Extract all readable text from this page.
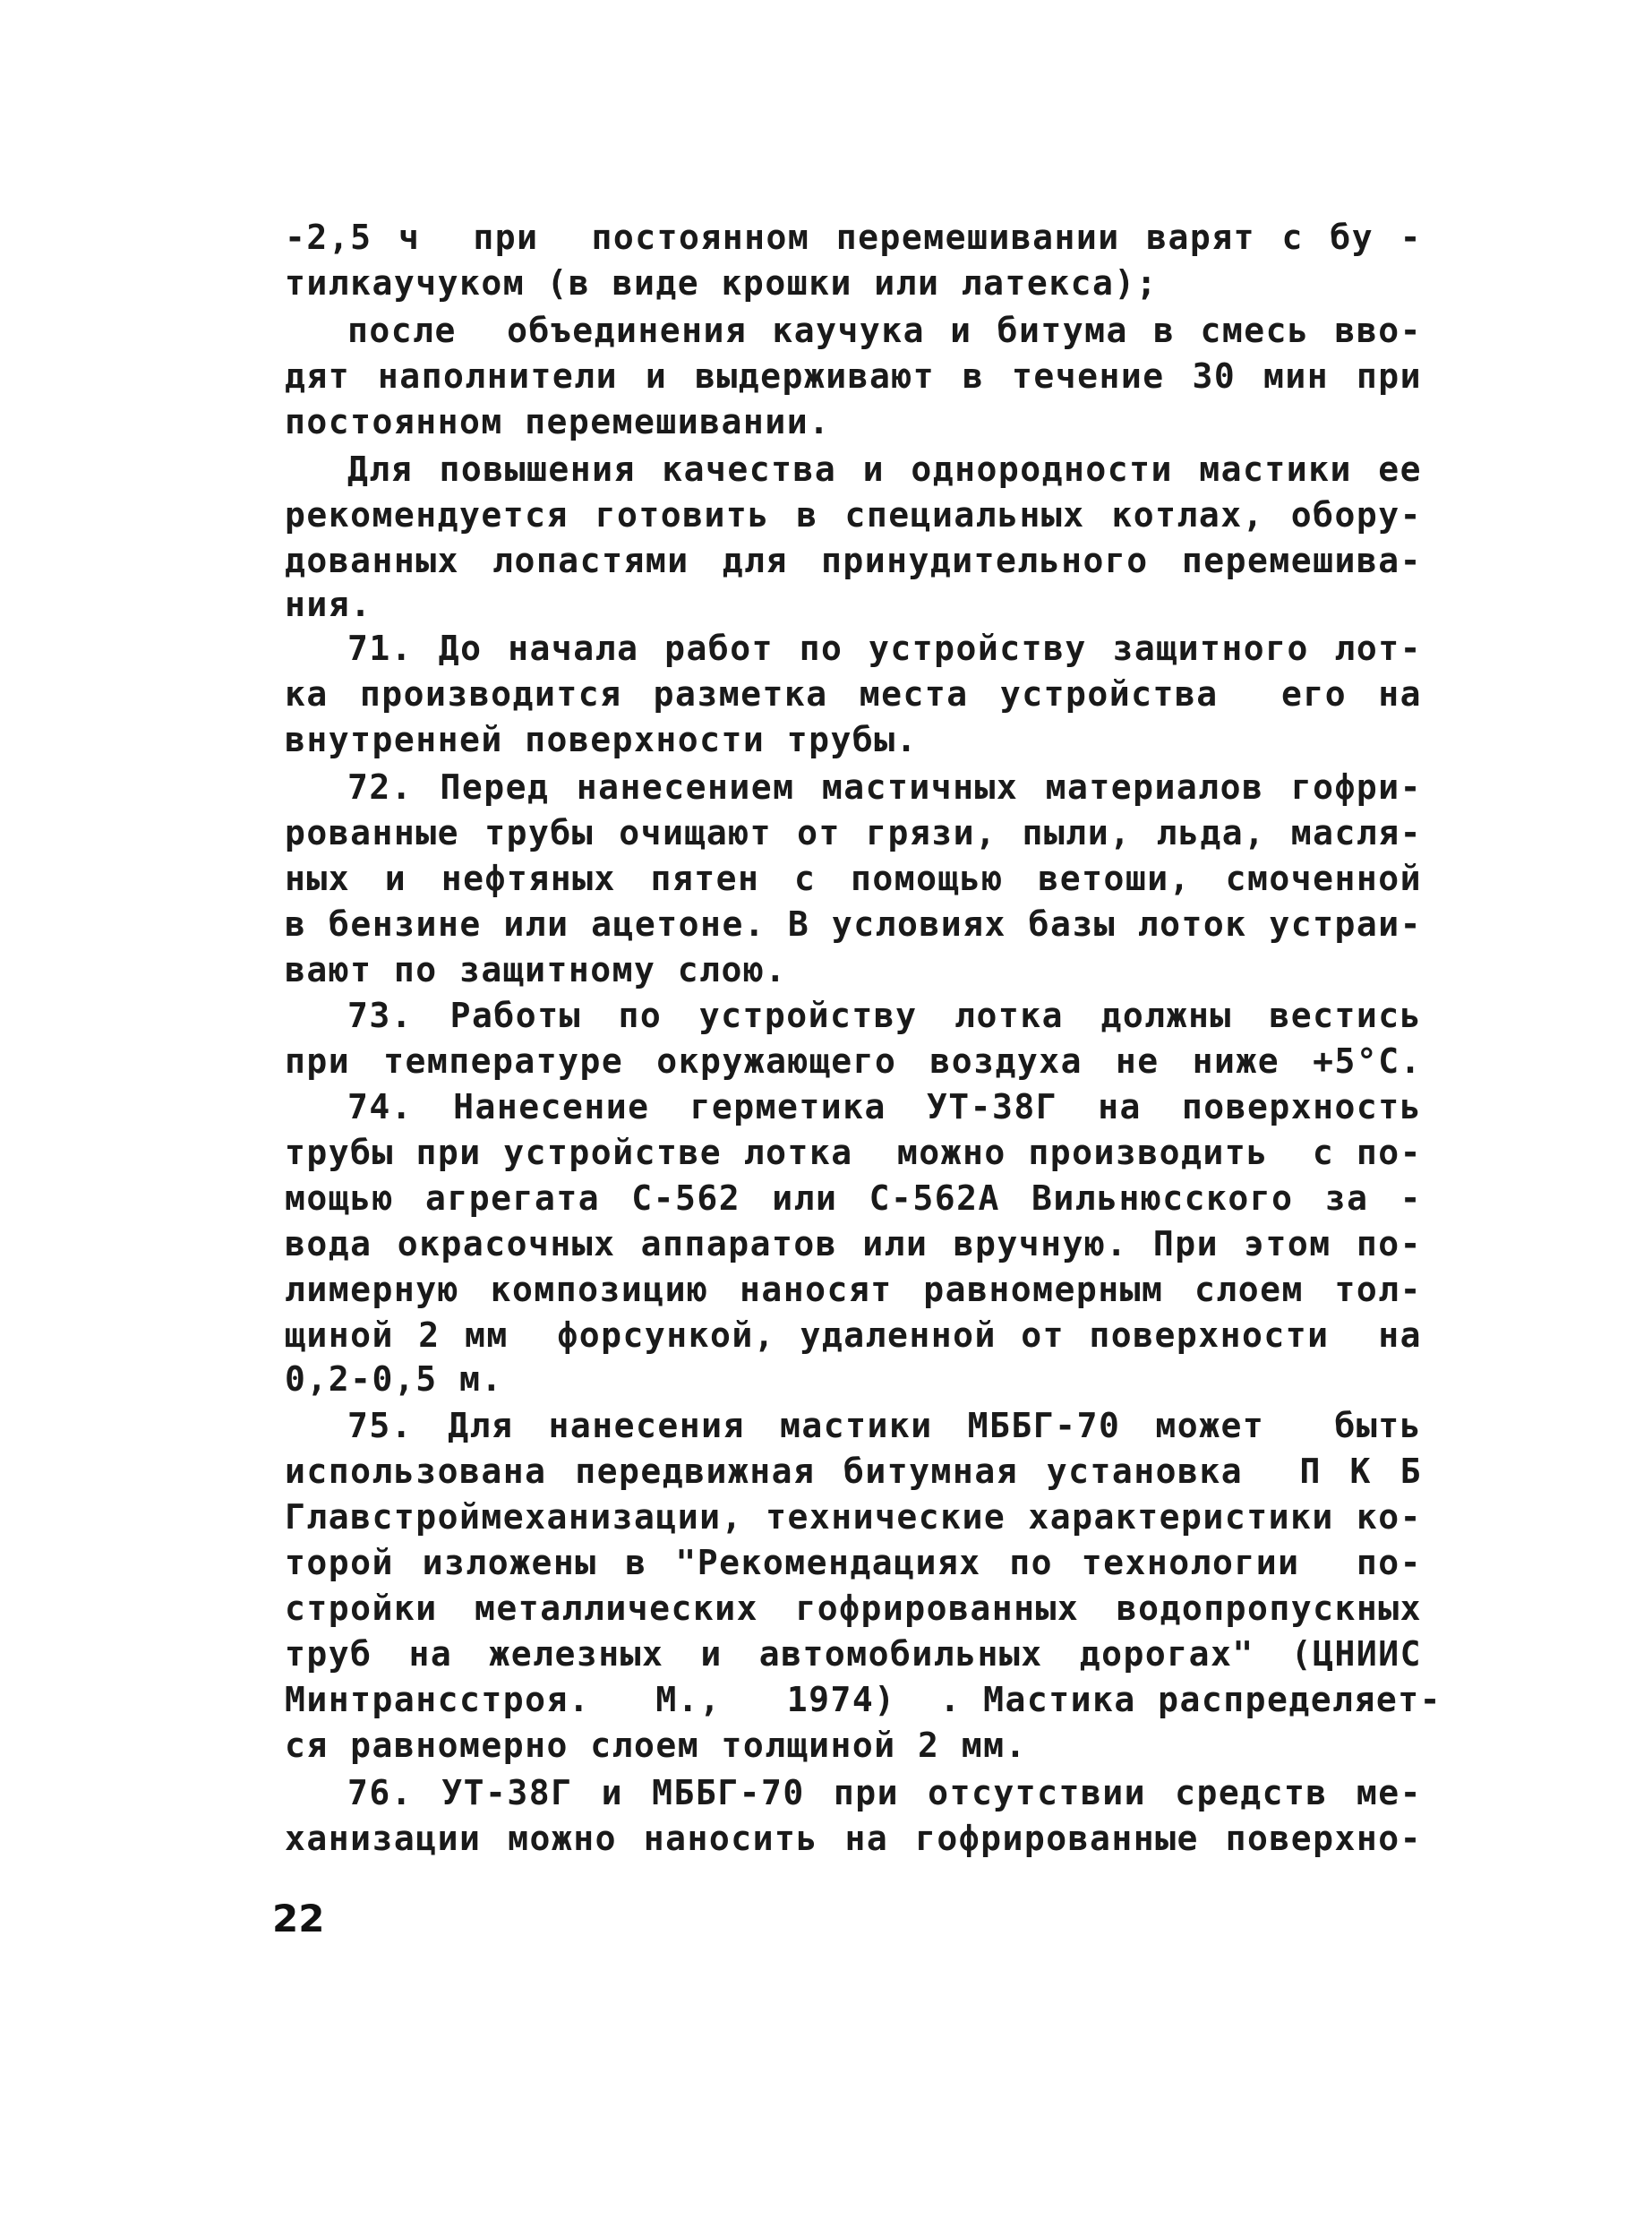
-2,5 ч  при  постоянном перемешивании варят с бу -
тилкаучуком (в виде крошки или латекса);
после  объединения каучука и битума в смесь вво-
дят наполнители и выдерживают в течение 30 мин при
постоянном перемешивании.
Для повышения качества и однородности мастики ее
рекомендуется готовить в специальных котлах, обору-
дованных лопастями для принудительного перемешива-
ния.
71. До начала работ по устройству защитного лот-
ка производится разметка места устройства  его на
внутренней поверхности трубы.
72. Перед нанесением мастичных материалов гофри-
рованные трубы очищают от грязи, пыли, льда, масля-
ных и нефтяных пятен с помощью ветоши, смоченной
в бензине или ацетоне. В условиях базы лоток устраи-
вают по защитному слою.
73. Работы по устройству лотка должны вестись
при температуре окружающего воздуха не ниже +5°С.
74. Нанесение герметика УТ-38Г на поверхность
трубы при устройстве лотка  можно производить  с по-
мощью агрегата С-562 или С-562А Вильнюсского за -
вода окрасочных аппаратов или вручную. При этом по-
лимерную композицию наносят равномерным слоем тол-
щиной 2 мм  форсункой, удаленной от поверхности  на
0,2-0,5 м.
75. Для нанесения мастики МББГ-70 может  быть
использована передвижная битумная установка  П К Б
Главстроймеханизации, технические характеристики ко-
торой изложены в "Рекомендациях по технологии  по-
стройки металлических гофрированных водопропускных
труб на железных и автомобильных дорогах" (ЦНИИС
Минтрансстроя.   М.,   1974)  . Мастика распределяет-
ся равномерно слоем толщиной 2 мм.
76. УТ-38Г и МББГ-70 при отсутствии средств ме-
ханизации можно наносить на гофрированные поверхно-
22
